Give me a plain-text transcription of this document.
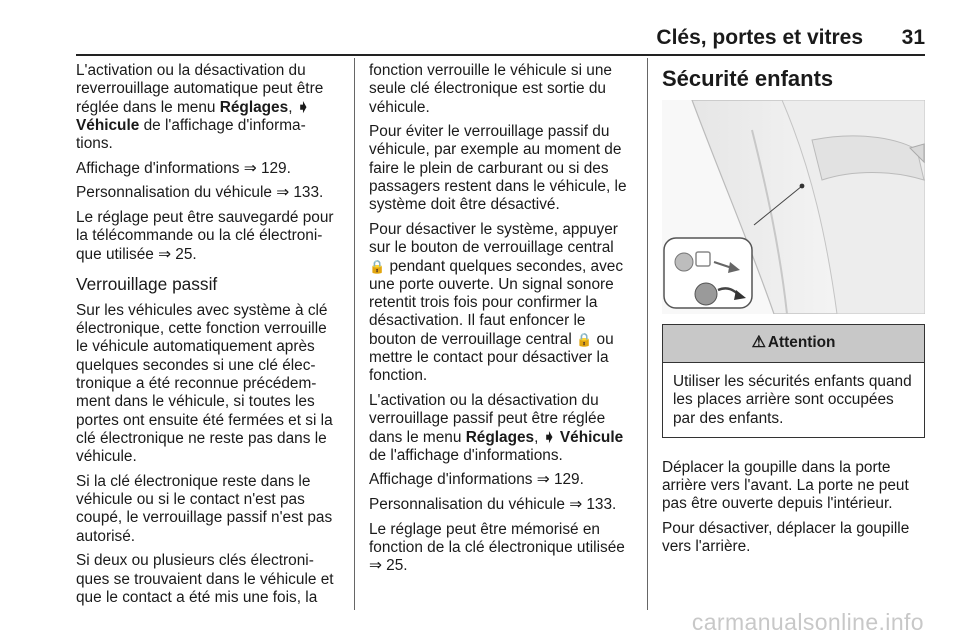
Clés, portes et vitres 31

L'activation ou la désactivation du reverrouillage automatique peut être réglée dans le menu Réglages, ➧
Véhicule de l'affichage d'informa-tions.

Affichage d'informations ⇒ 129.

Personnalisation du véhicule ⇒ 133.

Le réglage peut être sauvegardé pour la télécommande ou la clé électroni-que utilisée ⇒ 25.

Verrouillage passif

Sur les véhicules avec système à clé électronique, cette fonction verrouille le véhicule automatiquement après quelques secondes si une clé élec-tronique a été reconnue précédem-ment dans le véhicule, si toutes les portes ont ensuite été fermées et si la clé électronique ne reste pas dans le véhicule.

Si la clé électronique reste dans le véhicule ou si le contact n'est pas coupé, le verrouillage passif n'est pas autorisé.

Si deux ou plusieurs clés électroni-ques se trouvaient dans le véhicule et que le contact a été mis une fois, la

fonction verrouille le véhicule si une seule clé électronique est sortie du véhicule.

Pour éviter le verrouillage passif du véhicule, par exemple au moment de faire le plein de carburant ou si des passagers restent dans le véhicule, le système doit être désactivé.

Pour désactiver le système, appuyer sur le bouton de verrouillage central 🔒 pendant quelques secondes, avec une porte ouverte. Un signal sonore retentit trois fois pour confirmer la désactivation. Il faut enfoncer le bouton de verrouillage central 🔒 ou mettre le contact pour désactiver la fonction.

L'activation ou la désactivation du verrouillage passif peut être réglée dans le menu Réglages, ➧ Véhicule de l'affichage d'informations.

Affichage d'informations ⇒ 129.

Personnalisation du véhicule ⇒ 133.

Le réglage peut être mémorisé en fonction de la clé électronique utilisée ⇒ 25.

Sécurité enfants
⚠ Attention
Utiliser les sécurités enfants quand les places arrière sont occupées par des enfants.

Déplacer la goupille dans la porte arrière vers l'avant. La porte ne peut pas être ouverte depuis l'intérieur.

Pour désactiver, déplacer la goupille vers l'arrière.

carmanualsonline.info
